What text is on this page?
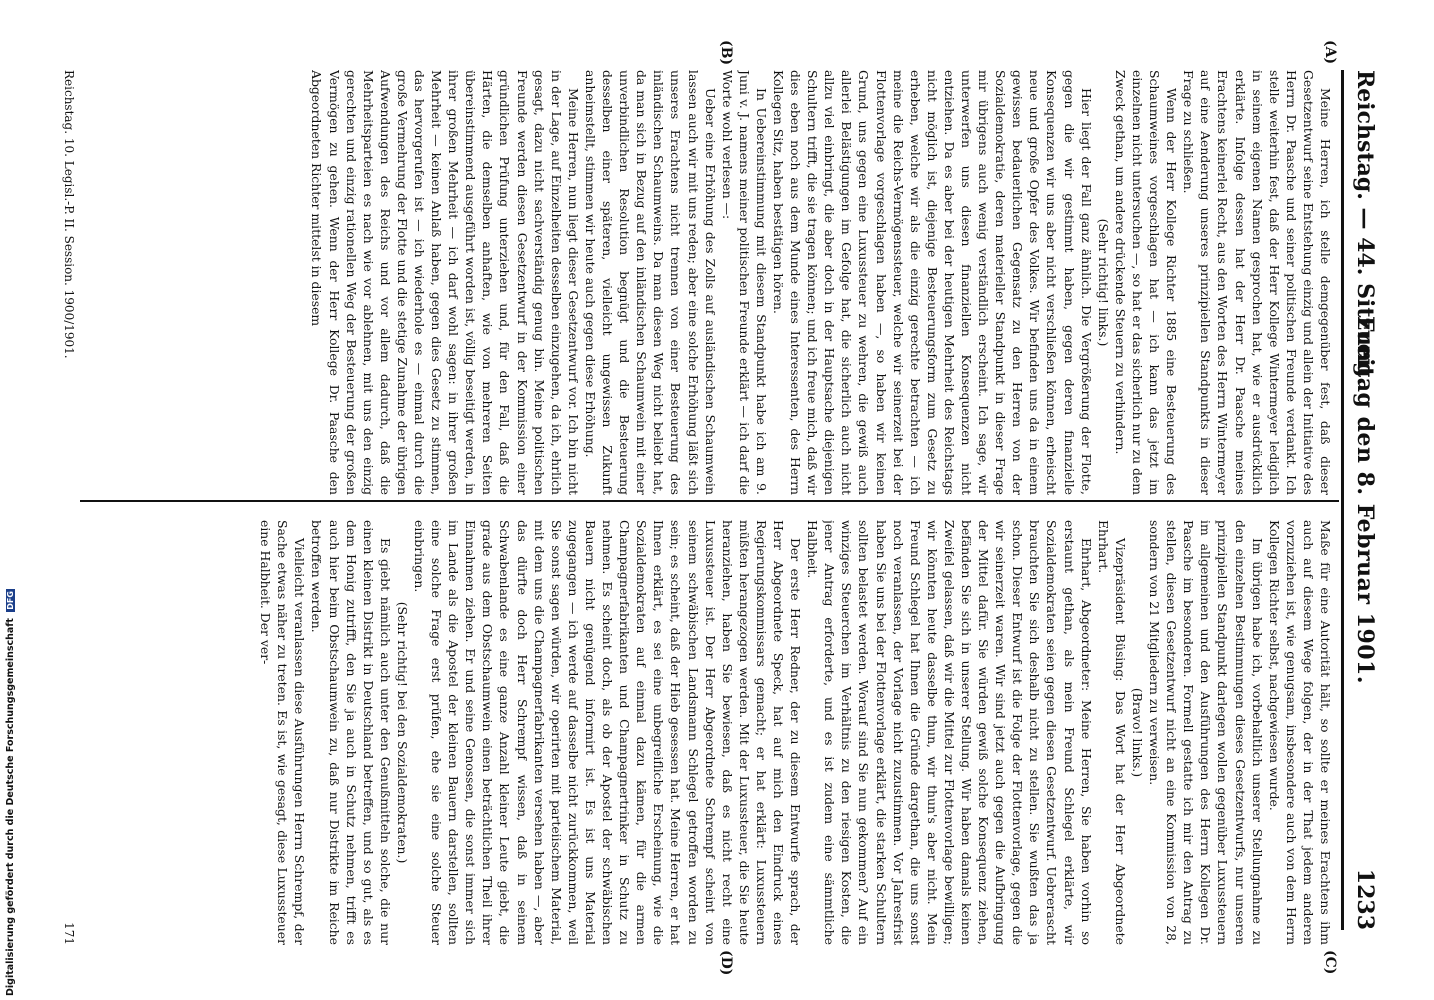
Reichstag. — 44. Sitzung.
Freitag den 8. Februar 1901.
1233
(A)
(B)
(C)
(D)

Meine Herren, ich stelle demgegenüber fest, daß dieser Gesetzentwurf seine Entstehung einzig und allein der Initiative des Herrn Dr. Paasche und seiner politischen Freunde verdankt. Ich stelle weiterhin fest, daß der Herr Kollege Wintermeyer lediglich in seinem eigenen Namen gesprochen hat, wie er ausdrücklich erklärte. Infolge dessen hat der Herr Dr. Paasche meines Erachtens keinerlei Recht, aus den Worten des Herrn Wintermeyer auf eine Aenderung unseres prinzipiellen Standpunkts in dieser Frage zu schließen.

Wenn der Herr Kollege Richter 1885 eine Besteuerung des Schaumweines vorgeschlagen hat — ich kann das jetzt im einzelnen nicht untersuchen —, so hat er das sicherlich nur zu dem Zweck gethan, um andere drückende Steuern zu verhindern.

(Sehr richtig! links.)

Hier liegt der Fall ganz ähnlich. Die Vergrößerung der Flotte, gegen die wir gestimmt haben, gegen deren finanzielle Konsequenzen wir uns aber nicht verschließen können, erheischt neue und große Opfer des Volkes. Wir befinden uns da in einem gewissen bedauerlichen Gegensatz zu den Herren von der Sozialdemokratie, deren materieller Standpunkt in dieser Frage mir übrigens auch wenig verständlich erscheint. Ich sage, wir unterwerfen uns diesen finanziellen Konsequenzen nicht entziehen. Da es aber bei der heutigen Mehrheit des Reichstags nicht möglich ist, diejenige Besteuerungsform zum Gesetz zu erheben, welche wir als die einzig gerechte betrachten — ich meine die Reichs-Vermögenssteuer, welche wir seinerzeit bei der Flottenvorlage vorgeschlagen haben —, so haben wir keinen Grund, uns gegen eine Luxussteuer zu wehren, die gewiß auch allerlei Belästigungen im Gefolge hat, die sicherlich auch nicht allzu viel einbringt, die aber doch in der Hauptsache diejenigen Schultern trifft, die sie tragen können; und ich freue mich, daß wir dies eben noch aus dem Munde eines Interessenten, des Herrn Kollegen Sitz, haben bestätigen hören.

In Uebereinstimmung mit diesem Standpunkt habe ich am 9. Juni v. J. namens meiner politischen Freunde erklärt — ich darf die Worte wohl verlesen —:

Ueber eine Erhöhung des Zolls auf ausländischen Schaumwein lassen auch wir mit uns reden; aber eine solche Erhöhung läßt sich unseres Erachtens nicht trennen von einer Besteuerung des inländischen Schaumweins. Da man diesen Weg nicht beliebt hat, da man sich in Bezug auf den inländischen Schaumwein mit einer unverbindlichen Resolution begnügt und die Besteuerung desselben einer späteren, vielleicht ungewissen Zukunft anheimstellt, stimmen wir heute auch gegen diese Erhöhung.

Meine Herren, nun liegt dieser Gesetzentwurf vor. Ich bin nicht in der Lage, auf Einzelheiten desselben einzugehen, da ich, ehrlich gesagt, dazu nicht sachverständig genug bin. Meine politischen Freunde werden diesen Gesetzentwurf in der Kommission einer gründlichen Prüfung unterziehen und, für den Fall, daß die Härten, die demselben anhaften, wie von mehreren Seiten übereinstimmend ausgeführt worden ist, völlig beseitigt werden, in ihrer großen Mehrheit — ich darf wohl sagen: in ihrer großen Mehrheit — keinen Anlaß haben, gegen dies Gesetz zu stimmen, das hervorgerufen ist — ich wiederhole es — einmal durch die große Vermehrung der Flotte und die stetige Zunahme der übrigen Aufwendungen des Reichs und vor allem dadurch, daß die Mehrheitsparteien es nach wie vor ablehnen, mit uns den einzig gerechten und einzig rationellen Weg der Besteuerung der großen Vermögen zu gehen. Wenn der Herr Kollege Dr. Paasche den Abgeordneten Richter mittelst in diesem

Maße für eine Autorität hält, so sollte er meines Erachtens ihm auch auf diesem Wege folgen, der in der That jedem anderen vorzuziehen ist, wie genugsam, insbesondere auch von dem Herrn Kollegen Richter selbst, nachgewiesen wurde.

Im übrigen habe ich, vorbehaltlich unserer Stellungnahme zu den einzelnen Bestimmungen dieses Gesetzentwurfs, nur unseren prinzipiellen Standpunkt darlegen wollen gegenüber Luxussteuern im allgemeinen und den Ausführungen des Herrn Kollegen Dr. Paasche im besonderen. Formell gestatte ich mir den Antrag zu stellen, diesen Gesetzentwurf nicht an eine Kommission von 28, sondern von 21 Mitgliedern zu verweisen.

(Bravo! links.)

Vizepräsident Büsing: Das Wort hat der Herr Abgeordnete Ehrhart.

Ehrhart, Abgeordneter: Meine Herren, Sie haben vorhin so erstaunt gethan, als mein Freund Schlegel erklärte, wir Sozialdemokraten seien gegen diesen Gesetzentwurf. Uebrerascht brauchten Sie sich deshalb nicht zu stellen. Sie wußten das ja schon. Dieser Entwurf ist die Folge der Flottenvorlage, gegen die wir seinerzeit waren. Wir sind jetzt auch gegen die Aufbringung der Mittel dafür. Sie würden gewiß solche Konsequenz ziehen, befänden Sie sich in unserer Stellung. Wir haben damals keinen Zweifel gelassen, daß wir die Mittel zur Flottenvorlage bewilligen; wir könnten heute dasselbe thun, wir thun's aber nicht. Mein Freund Schlegel hat Ihnen die Gründe dargethan, die uns sonst noch veranlassen, der Vorlage nicht zuzustimmen. Vor Jahresfrist haben Sie uns bei der Flottenvorlage erklärt, die starken Schultern sollten belastet werden. Worauf sind Sie nun gekommen? Auf ein winziges Steuerchen im Verhältnis zu den riesigen Kosten, die jener Antrag erforderte, und es ist zudem eine sämmtliche Halbheit.

Der erste Herr Redner, der zu diesem Entwurfe sprach, der Herr Abgeordnete Speck, hat auf mich den Eindruck eines Regierungskommissars gemacht; er hat erklärt: Luxussteuern müßten herangezogen werden. Mit der Luxussteuer, die Sie heute heranziehen, haben Sie bewiesen, daß es nicht recht eine Luxussteuer ist. Der Herr Abgeordnete Schrempf scheint von seinem schwäbischen Landsmann Schlegel getroffen worden zu sein; es scheint, daß der Hieb gesessen hat. Meine Herren, er hat Ihnen erklärt, es sei eine unbegreifliche Erscheinung, wie die Sozialdemokraten auf einmal dazu kämen, für die armen Champagnerfabrikanten und Champagnertrinker in Schutz zu nehmen. Es scheint doch, als ob der Apostel der schwäbischen Bauern nicht genügend informirt ist. Es ist uns Material zugegangen — ich werde auf dasselbe nicht zurückkommen, weil Sie sonst sagen würden, wir operirten mit parteiischem Material, mit dem uns die Champagnerfabrikanten versehen haben —, aber das dürfte doch Herr Schrempf wissen, daß in seinem Schwabenlande es eine ganze Anzahl kleiner Leute giebt, die grade aus dem Obstschaumwein einen beträchtlichen Theil ihrer Einnahmen ziehen. Er und seine Genossen, die sonst immer sich im Lande als die Apostel der kleinen Bauern darstellen, sollten eine solche Frage erst prüfen, ehe sie eine solche Steuer einbringen.

(Sehr richtig! bei den Sozialdemokraten.)

Es giebt nämlich auch unter den Genußmitteln solche, die nur einen kleinen Distrikt in Deutschland betreffen, und so gut, als es dem Honig zutrifft, den Sie ja auch in Schutz nehmen, trifft es auch hier beim Obstschaumwein zu, daß nur Distrikte im Reiche betroffen werden.

Vielleicht veranlassen diese Ausführungen Herrn Schrempf, der Sache etwas näher zu treten. Es ist, wie gesagt, diese Luxussteuer eine Halbheit. Der ver-

Reichstag. 10. Legisl.-P. II. Session. 1900/1901.
171
Digitalisierung gefördert durch die Deutsche Forschungsgemeinschaft DFG
